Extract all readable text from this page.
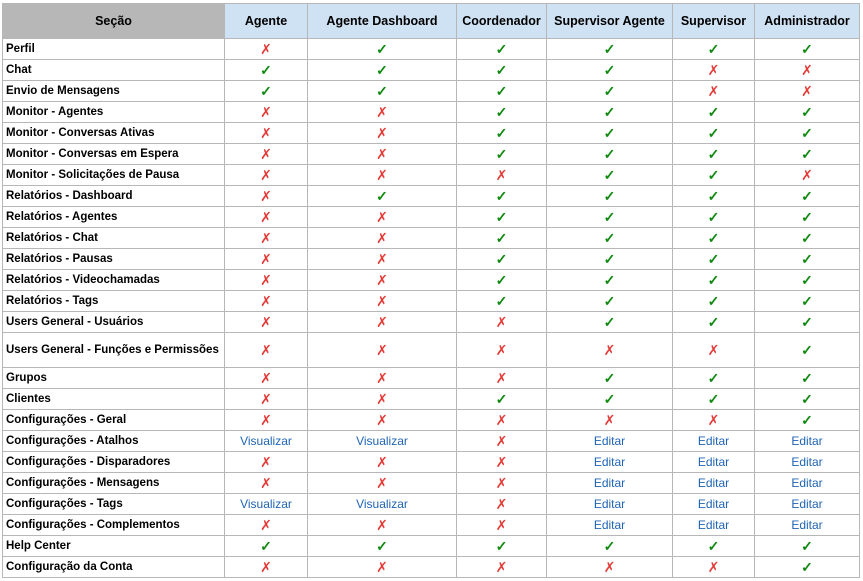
Seção	Agente	Agente Dashboard	Coordenador	Supervisor Agente	Supervisor	Administrador
Perfil	✗	✓	✓	✓	✓	✓
Chat	✓	✓	✓	✓	✗	✗
Envio de Mensagens	✓	✓	✓	✓	✗	✗
Monitor - Agentes	✗	✗	✓	✓	✓	✓
Monitor - Conversas Ativas	✗	✗	✓	✓	✓	✓
Monitor - Conversas em Espera	✗	✗	✓	✓	✓	✓
Monitor - Solicitações de Pausa	✗	✗	✗	✓	✓	✗
Relatórios - Dashboard	✗	✓	✓	✓	✓	✓
Relatórios - Agentes	✗	✗	✓	✓	✓	✓
Relatórios - Chat	✗	✗	✓	✓	✓	✓
Relatórios - Pausas	✗	✗	✓	✓	✓	✓
Relatórios - Videochamadas	✗	✗	✓	✓	✓	✓
Relatórios - Tags	✗	✗	✓	✓	✓	✓
Users General - Usuários	✗	✗	✗	✓	✓	✓
Users General - Funções e Permissões	✗	✗	✗	✗	✗	✓
Grupos	✗	✗	✗	✓	✓	✓
Clientes	✗	✗	✓	✓	✓	✓
Configurações - Geral	✗	✗	✗	✗	✗	✓
Configurações - Atalhos	Visualizar	Visualizar	✗	Editar	Editar	Editar
Configurações - Disparadores	✗	✗	✗	Editar	Editar	Editar
Configurações - Mensagens	✗	✗	✗	Editar	Editar	Editar
Configurações - Tags	Visualizar	Visualizar	✗	Editar	Editar	Editar
Configurações - Complementos	✗	✗	✗	Editar	Editar	Editar
Help Center	✓	✓	✓	✓	✓	✓
Configuração da Conta	✗	✗	✗	✗	✗	✓
